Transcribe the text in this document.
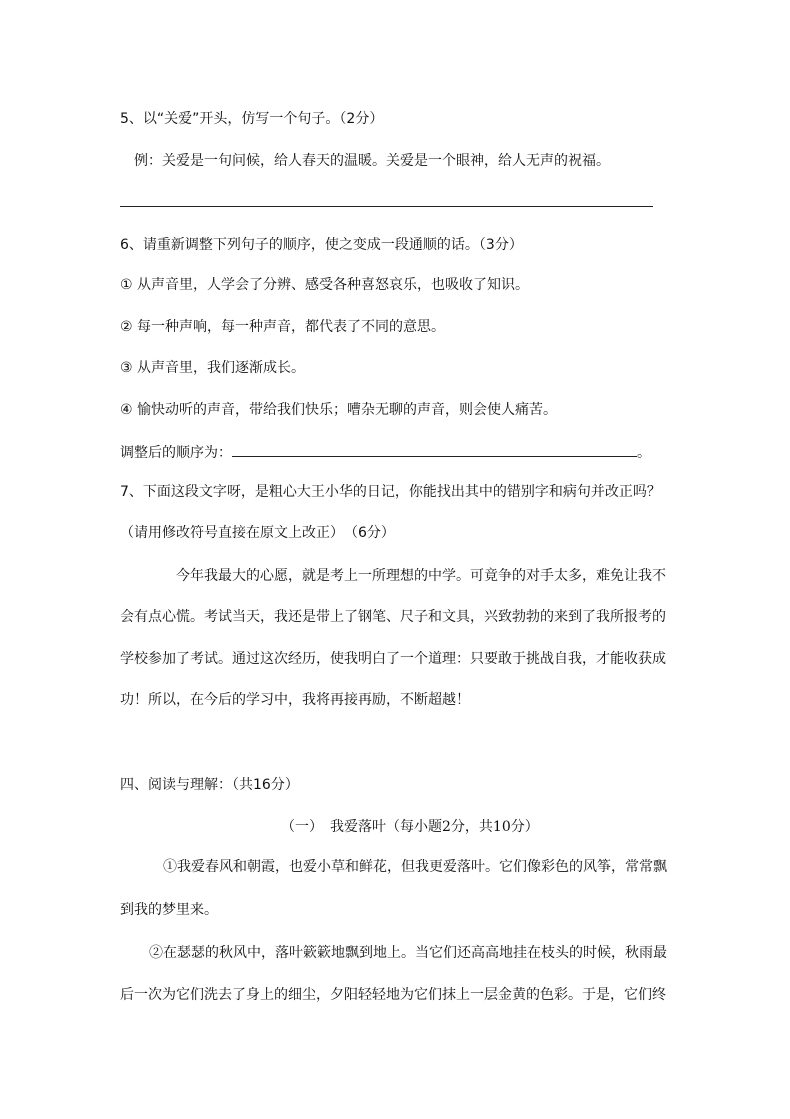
5、以“关爱”开头，仿写一个句子。（2分）
例：关爱是一句问候，给人春天的温暖。关爱是一个眼神，给人无声的祝福。
6、请重新调整下列句子的顺序，使之变成一段通顺的话。（3分）
① 从声音里，人学会了分辨、感受各种喜怒哀乐，也吸收了知识。
② 每一种声响，每一种声音，都代表了不同的意思。
③ 从声音里，我们逐渐成长。
④ 愉快动听的声音，带给我们快乐；嘈杂无聊的声音，则会使人痛苦。
调整后的顺序为：	。
7、下面这段文字呀，是粗心大王小华的日记，你能找出其中的错别字和病句并改正吗？
（请用修改符号直接在原文上改正）　（6分）
今年我最大的心愿，就是考上一所理想的中学。可竟争的对手太多，难免让我不
会有点心慌。考试当天，我还是带上了钢笔、尺子和文具，兴致勃勃的来到了我所报考的
学校参加了考试。通过这次经历，使我明白了一个道理：只要敢于挑战自我，才能收获成
功！所以，在今后的学习中，我将再接再励，不断超越！
四、阅读与理解：（共16分）
（一）　我爱落叶（每小题2分，共10分）
①我爱春风和朝霞，也爱小草和鲜花，但我更爱落叶。它们像彩色的风筝，常常飘
到我的梦里来。
②在瑟瑟的秋风中，落叶簌簌地飘到地上。当它们还高高地挂在枝头的时候，秋雨最
后一次为它们洗去了身上的细尘，夕阳轻轻地为它们抹上一层金黄的色彩。于是，它们终
